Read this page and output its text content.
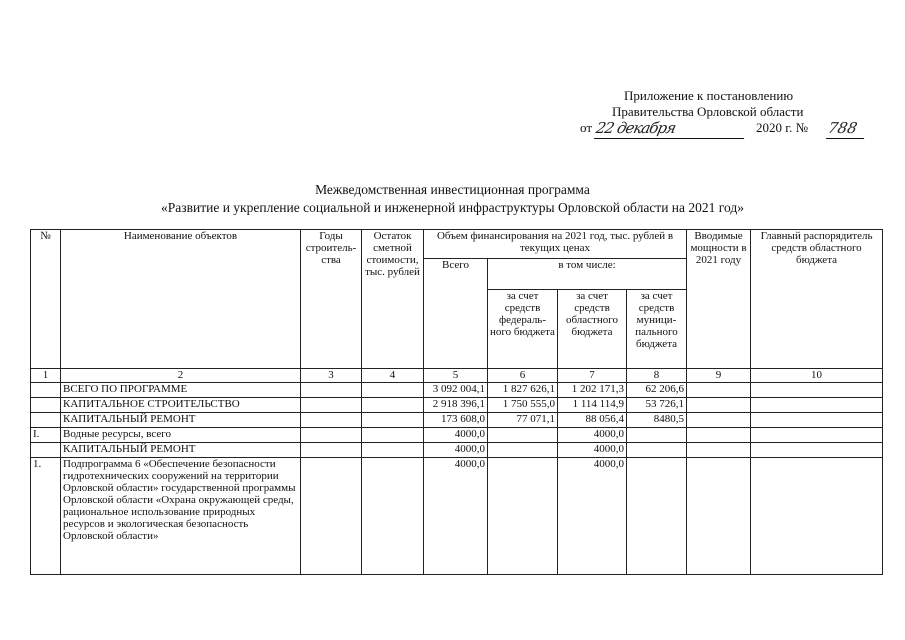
Приложение к постановлению
Правительства Орловской области
от 22 декабря	2020 г. № 788
Межведомственная инвестиционная программа
«Развитие и укрепление социальной и инженерной инфраструктуры Орловской области на 2021 год»
№	Наименование объектов	Годы строитель-ства	Остаток сметной стоимости, тыс. рублей	Объем финансирования на 2021 год, тыс. рублей в текущих ценах				Вводимые мощности в 2021 году	Главный распорядитель средств областного бюджета
				Всего	в том числе:				
					за счет средств федераль-ного бюджета	за счет средств областного бюджета	за счет средств муници-пального бюджета		
1	2	3	4	5	6	7	8	9	10
	ВСЕГО ПО ПРОГРАММЕ			3 092 004,1	1 827 626,1	1 202 171,3	62 206,6		
	КАПИТАЛЬНОЕ СТРОИТЕЛЬСТВО			2 918 396,1	1 750 555,0	1 114 114,9	53 726,1		
	КАПИТАЛЬНЫЙ РЕМОНТ			173 608,0	77 071,1	88 056,4	8480,5		
I.	Водные ресурсы, всего			4000,0		4000,0			
	КАПИТАЛЬНЫЙ РЕМОНТ			4000,0		4000,0			
1.	Подпрограмма 6 «Обеспечение безопасности гидротехнических сооружений на территории Орловской области» государственной программы Орловской области «Охрана окружающей среды, рациональное использование природных ресурсов и экологическая безопасность Орловской области»			4000,0		4000,0			
